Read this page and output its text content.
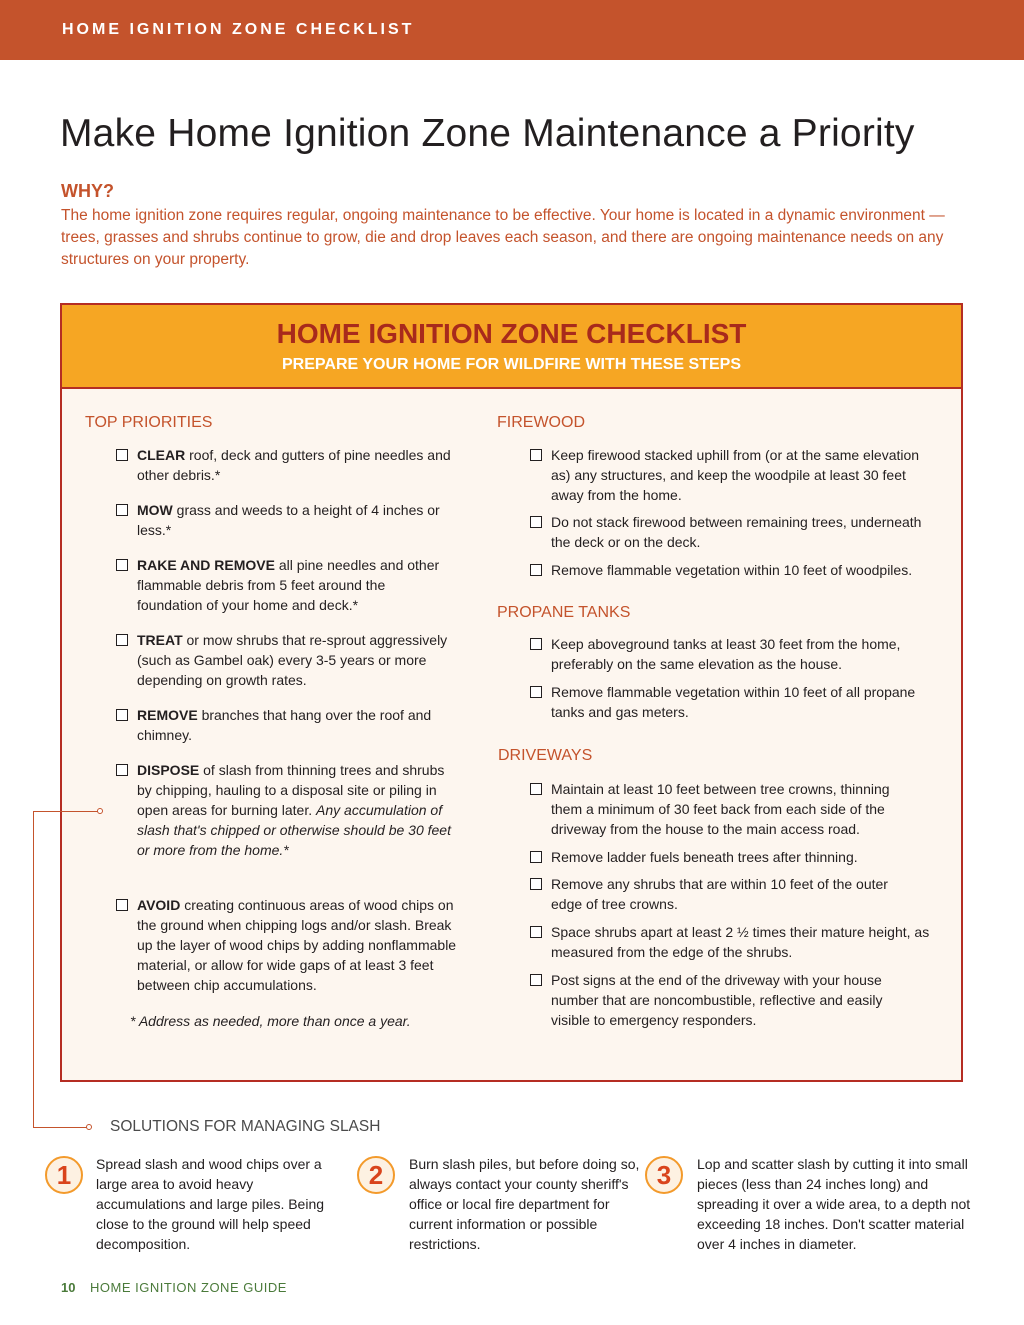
HOME IGNITION ZONE CHECKLIST
Make Home Ignition Zone Maintenance a Priority
WHY?

The home ignition zone requires regular, ongoing maintenance to be effective. Your home is located in a dynamic environment — trees, grasses and shrubs continue to grow, die and drop leaves each season, and there are ongoing maintenance needs on any structures on your property.

HOME IGNITION ZONE CHECKLIST
PREPARE YOUR HOME FOR WILDFIRE WITH THESE STEPS
TOP PRIORITIES
CLEAR roof, deck and gutters of pine needles and other debris.*
MOW grass and weeds to a height of 4 inches or less.*
RAKE AND REMOVE all pine needles and other flammable debris from 5 feet around the foundation of your home and deck.*
TREAT or mow shrubs that re-sprout aggressively (such as Gambel oak) every 3-5 years or more depending on growth rates.
REMOVE branches that hang over the roof and chimney.
DISPOSE of slash from thinning trees and shrubs by chipping, hauling to a disposal site or piling in open areas for burning later. Any accumulation of slash that's chipped or otherwise should be 30 feet or more from the home.*
AVOID creating continuous areas of wood chips on the ground when chipping logs and/or slash. Break up the layer of wood chips by adding nonflammable material, or allow for wide gaps of at least 3 feet between chip accumulations.
* Address as needed, more than once a year.
FIREWOOD
Keep firewood stacked uphill from (or at the same elevation as) any structures, and keep the woodpile at least 30 feet away from the home.
Do not stack firewood between remaining trees, underneath the deck or on the deck.
Remove flammable vegetation within 10 feet of woodpiles.
PROPANE TANKS
Keep aboveground tanks at least 30 feet from the home, preferably on the same elevation as the house.
Remove flammable vegetation within 10 feet of all propane tanks and gas meters.
DRIVEWAYS
Maintain at least 10 feet between tree crowns, thinning them a minimum of 30 feet back from each side of the driveway from the house to the main access road.
Remove ladder fuels beneath trees after thinning.
Remove any shrubs that are within 10 feet of the outer edge of tree crowns.
Space shrubs apart at least 2 ½ times their mature height, as measured from the edge of the shrubs.
Post signs at the end of the driveway with your house number that are noncombustible, reflective and easily visible to emergency responders.
SOLUTIONS FOR MANAGING SLASH
1	Spread slash and wood chips over a large area to avoid heavy accumulations and large piles. Being close to the ground will help speed decomposition.
2	Burn slash piles, but before doing so, always contact your county sheriff's office or local fire department for current information or possible restrictions.
3	Lop and scatter slash by cutting it into small pieces (less than 24 inches long) and spreading it over a wide area, to a depth not exceeding 18 inches. Don't scatter material over 4 inches in diameter.
10 HOME IGNITION ZONE GUIDE
